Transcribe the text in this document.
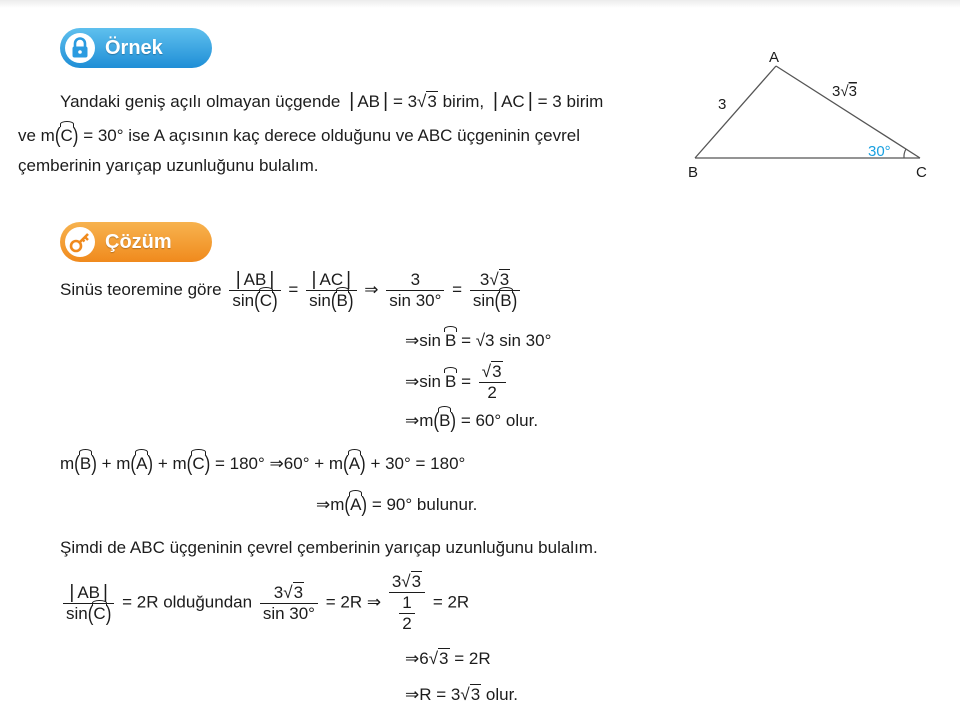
Örnek
Yandaki geniş açılı olmayan üçgende | AB | = 3√3 birim, | AC | = 3 birim
ve m(C) = 30° ise A açısının kaç derece olduğunu ve ABC üçgeninin çevrel
çemberinin yarıçap uzunluğunu bulalım.
A
B	C
3
3√3
30°
Çözüm
Sinüs teoremine göre $\frac{| AB |}{\sin(C)} = \frac{| AC |}{\sin(B)}$ ⇒ $\frac{3}{\sin 30^\circ} = \frac{3√3}{\sin(B)}$
⇒sin B = √3 sin 30°
⇒sin $B = \frac{√3}{2}$
⇒m(B) = 60° olur.
m(B) + m(A) + m(C) = 180° ⇒60° + m(A) + 30° = 180°
⇒m(A) = 90° bulunur.
Şimdi de ABC üçgeninin çevrel çemberinin yarıçap uzunluğunu bulalım.
$\frac{| AB |}{\sin(C)} = 2R$ olduğundan $\frac{3√3}{\sin 30^\circ} = 2R$ ⇒ $\frac{3√3}{\frac{1}{2}} = 2R$
⇒6√3 = 2R
⇒R = 3√3 olur.
